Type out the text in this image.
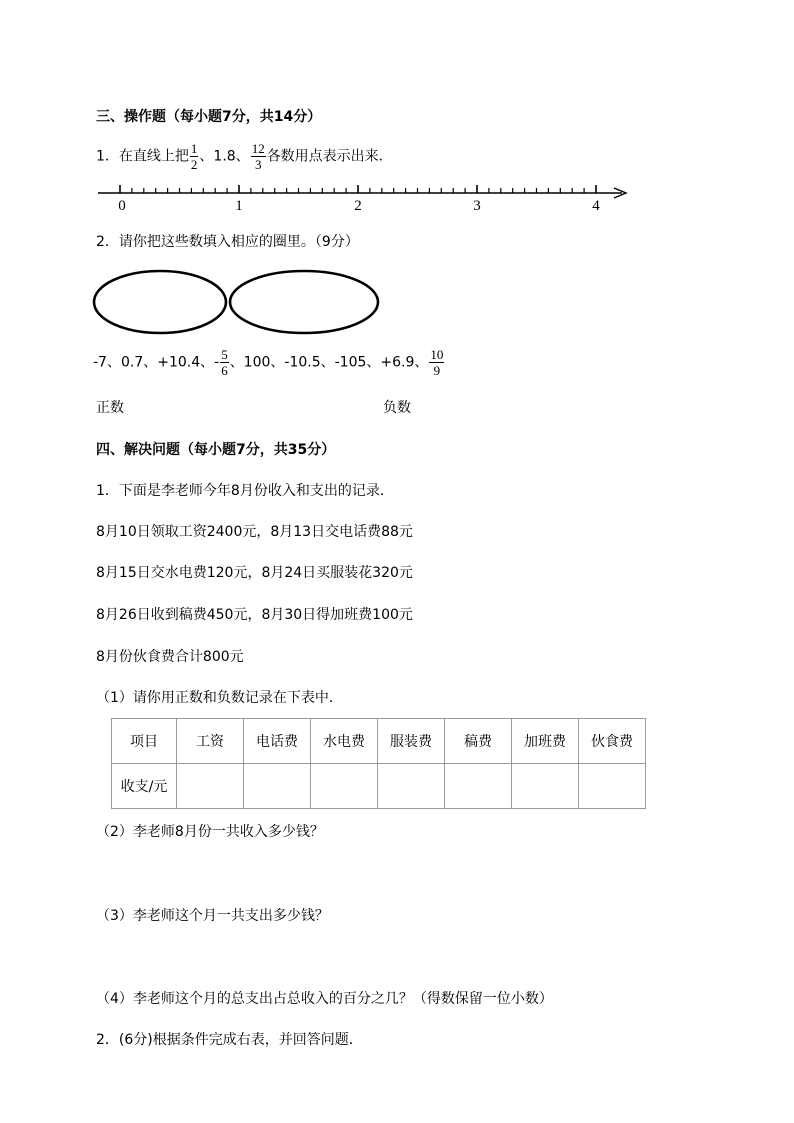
三、操作题（每小题7分，共14分）
1．在直线上把 $\frac{1}{2}$ 、1.8、 $\frac{12}{3}$ 各数用点表示出来．
0	1	2	3	4
2．请你把这些数填入相应的圈里。（9分）
-7、0.7、+10.4、- $\frac{5}{6}$ 、100、-10.5、-105、+6.9、 $\frac{10}{9}$
正数	负数
四、解决问题（每小题7分，共35分）
1．下面是李老师今年8月份收入和支出的记录．
8月10日领取工资2400元，8月13日交电话费88元
8月15日交水电费120元，8月24日买服装花320元
8月26日收到稿费450元，8月30日得加班费100元
8月份伙食费合计800元
（1）请你用正数和负数记录在下表中．
项目	工资	电话费	水电费	服装费	稿费	加班费	伙食费
收支/元							
（2）李老师8月份一共收入多少钱？
（3）李老师这个月一共支出多少钱？
（4）李老师这个月的总支出占总收入的百分之几？（得数保留一位小数）
2．(6分)根据条件完成右表，并回答问题．
